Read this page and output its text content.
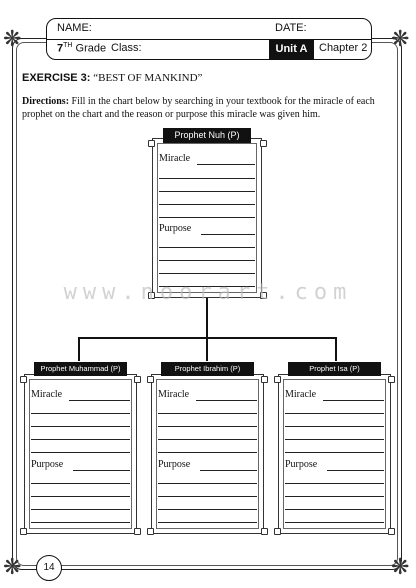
❋	❋
❋	❋
NAME:	DATE:
7TH Grade Class:	Unit A	Chapter 2
EXERCISE 3: “BEST OF MANKIND”
Directions: Fill in the chart below by searching in your textbook for the miracle of each prophet on the chart and the reason or purpose this miracle was given him.
Miracle
Purpose
Prophet Nuh (P)
Miracle
Purpose
Prophet Muhammad (P)
Miracle
Purpose
Prophet Ibrahim (P)
Miracle
Purpose
Prophet Isa (P)
www.noorart.com
14
